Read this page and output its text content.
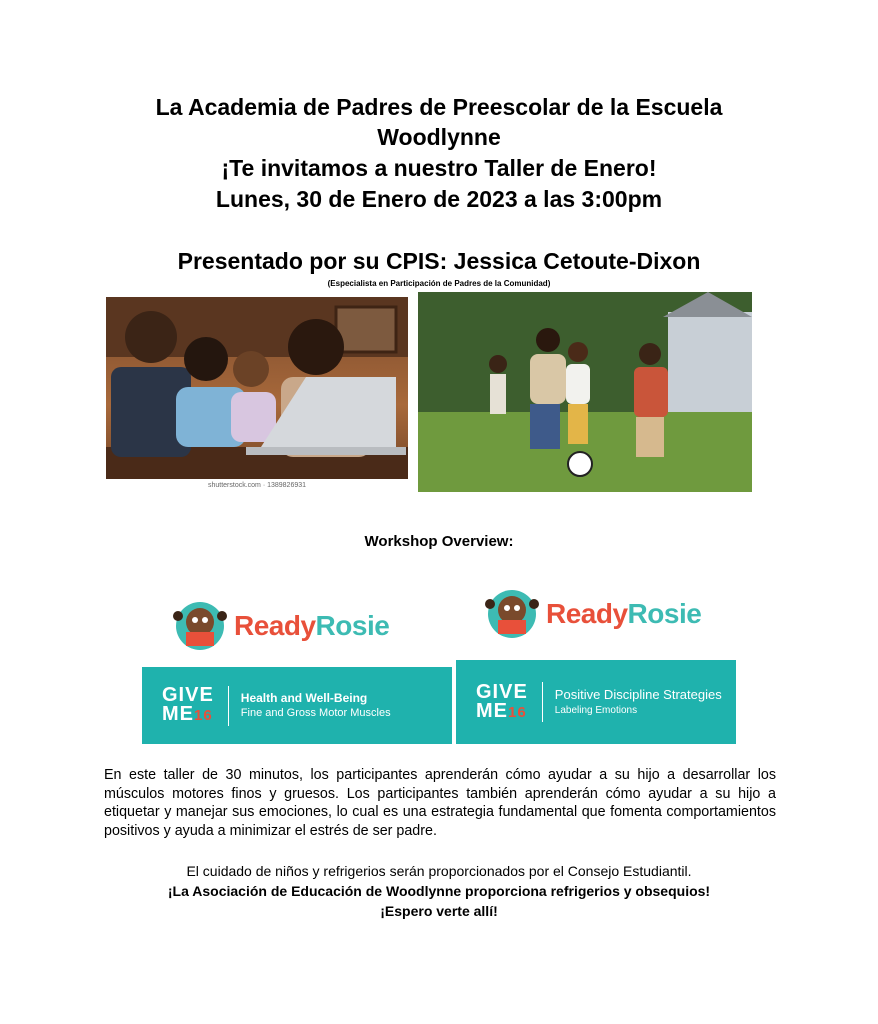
La Academia de Padres de Preescolar de la Escuela
Woodlynne

¡Te invitamos a nuestro Taller de Enero!

Lunes, 30 de Enero de 2023 a las 3:00pm

Presentado por su CPIS: Jessica Cetoute-Dixon

(Especialista en Participación de Padres de la Comunidad)

shutterstock.com · 1389826931

Workshop Overview:

ReadyRosie	ReadyRosie
GIVE
ME16
Health and Well-Being
Fine and Gross Motor Muscles
GIVE
ME16
Positive Discipline Strategies
Labeling Emotions

En este taller de 30 minutos, los participantes aprenderán cómo ayudar a su hijo a desarrollar los músculos motores finos y gruesos. Los participantes también aprenderán cómo ayudar a su hijo a etiquetar y manejar sus emociones, lo cual es una estrategia fundamental que fomenta comportamientos positivos y ayuda a minimizar el estrés de ser padre.

El cuidado de niños y refrigerios serán proporcionados por el Consejo Estudiantil.

¡La Asociación de Educación de Woodlynne proporciona refrigerios y obsequios!

¡Espero verte allí!
